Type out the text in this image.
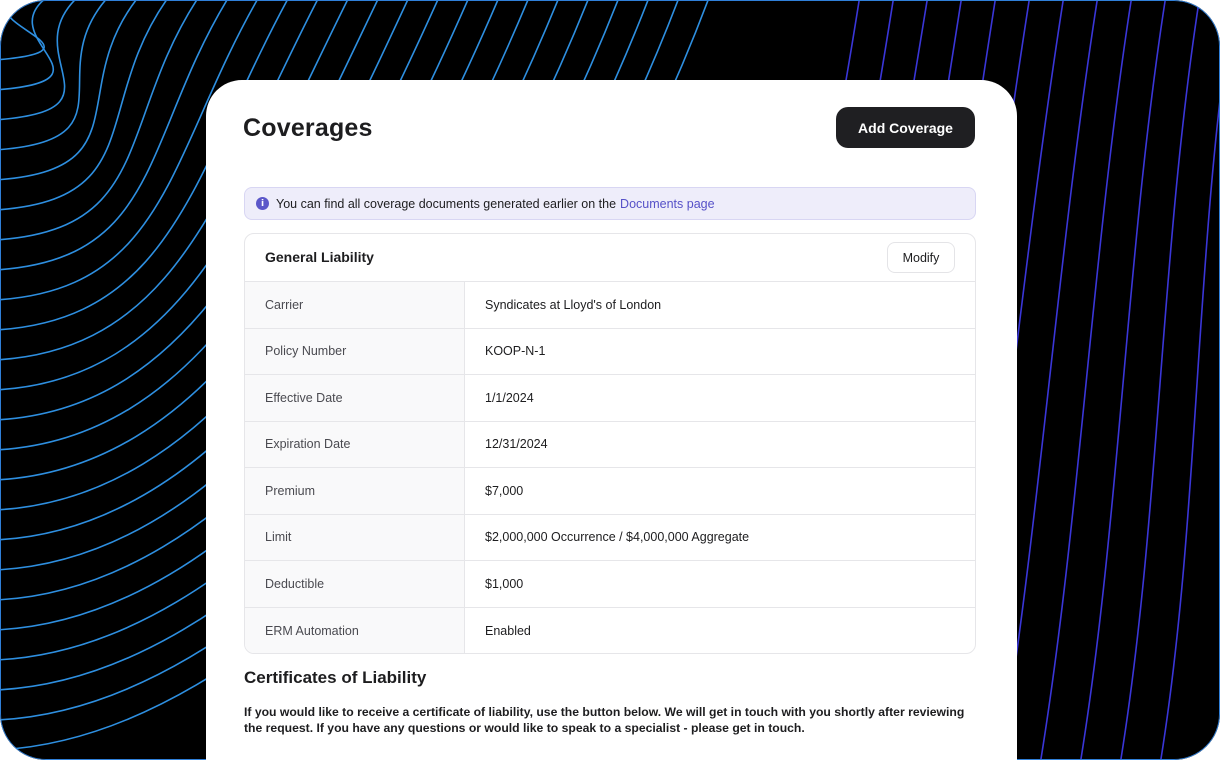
Coverages	Add Coverage
i You can find all coverage documents generated earlier on the Documents page
General Liability	Modify
Carrier	Syndicates at Lloyd's of London
Policy Number	KOOP-N-1
Effective Date	1/1/2024
Expiration Date	12/31/2024
Premium	$7,000
Limit	$2,000,000 Occurrence / $4,000,000 Aggregate
Deductible	$1,000
ERM Automation	Enabled
Certificates of Liability
If you would like to receive a certificate of liability, use the button below. We will get in touch with you shortly after reviewing the request. If you have any questions or would like to speak to a specialist - please get in touch.
